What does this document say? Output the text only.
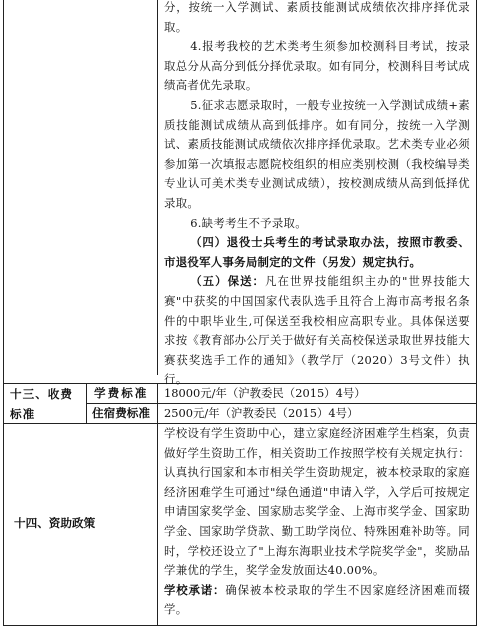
分，按统一入学测试、素质技能测试成绩依次排序择优录取。

4.报考我校的艺术类考生须参加校测科目考试，按录取总分从高分到低分择优录取。如有同分，校测科目考试成绩高者优先录取。

5.征求志愿录取时，一般专业按统一入学测试成绩+素质技能测试成绩从高到低排序。如有同分，按统一入学测试、素质技能测试成绩依次排序择优录取。艺术类专业必须参加第一次填报志愿院校组织的相应类别校测（我校编导类专业认可美术类专业测试成绩），按校测成绩从高到低择优录取。

6.缺考考生不予录取。

（四）退役士兵考生的考试录取办法，按照市教委、市退役军人事务局制定的文件（另发）规定执行。

（五）保送：凡在世界技能组织主办的"世界技能大赛"中获奖的中国国家代表队选手且符合上海市高考报名条件的中职毕业生,可保送至我校相应高职专业。具体保送要求按《教育部办公厅关于做好有关高校保送录取世界技能大赛获奖选手工作的通知》（教学厅（2020）3号文件）执行。

十三、收费标准
学费标准	18000元/年（沪教委民（2015）4号）
住宿费标准	2500元/年（沪教委民（2015）4号）
十四、资助政策

学校设有学生资助中心，建立家庭经济困难学生档案，负责做好学生资助工作，相关资助工作按照学校有关规定执行：认真执行国家和本市相关学生资助规定，被本校录取的家庭经济困难学生可通过"绿色通道"申请入学，入学后可按规定申请国家奖学金、国家励志奖学金、上海市奖学金、国家助学金、国家助学贷款、勤工助学岗位、特殊困难补助等。同时，学校还设立了"上海东海职业技术学院奖学金"，奖励品学兼优的学生，奖学金发放面达40.00%。

学校承诺：确保被本校录取的学生不因家庭经济困难而辍学。
